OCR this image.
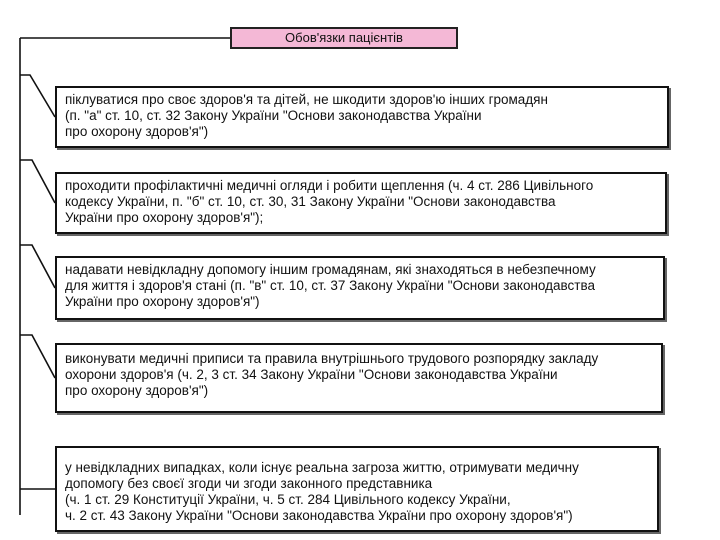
Обов'язки пацієнтів
піклуватися про своє здоров'я та дітей, не шкодити здоров'ю інших громадян
(п. "а" ст. 10, ст. 32 Закону України "Основи законодавства України
про охорону здоров'я")
проходити профілактичні медичні огляди і робити щеплення (ч. 4 ст. 286 Цивільного
кодексу України, п. "б" ст. 10, ст. 30, 31 Закону України "Основи законодавства
України про охорону здоров'я");
надавати невідкладну допомогу іншим громадянам, які знаходяться в небезпечному
для життя і здоров'я стані (п. "в" ст. 10, ст. 37 Закону України "Основи законодавства
України про охорону здоров'я")
виконувати медичні приписи та правила внутрішнього трудового розпорядку закладу
охорони здоров'я (ч. 2, 3 ст. 34 Закону України "Основи законодавства України
про охорону здоров'я")
у невідкладних випадках, коли існує реальна загроза життю, отримувати медичну
допомогу без своєї згоди чи згоди законного представника
(ч. 1 ст. 29 Конституції України, ч. 5 ст. 284 Цивільного кодексу України,
ч. 2 ст. 43 Закону України "Основи законодавства України про охорону здоров'я")
